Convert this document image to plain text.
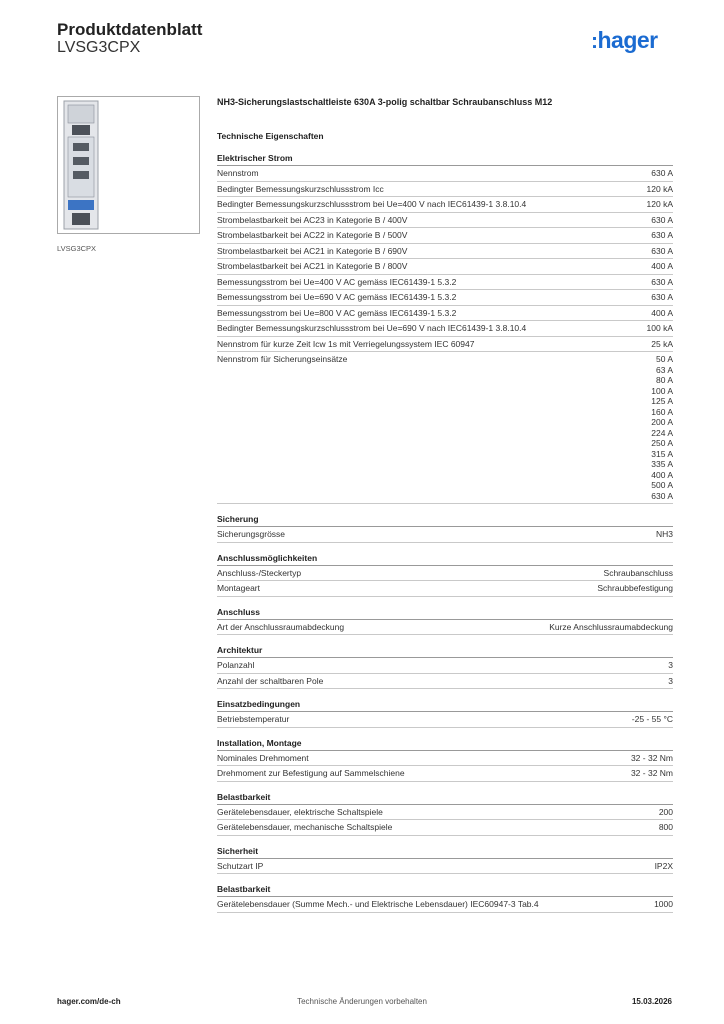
Produktdatenblatt
LVSG3CPX	:hager
LVSG3CPX
NH3-Sicherungslastschaltleiste 630A 3-polig schaltbar Schraubanschluss M12
Technische Eigenschaften
Elektrischer Strom
Nennstrom	630 A
Bedingter Bemessungskurzschlussstrom Icc	120 kA
Bedingter Bemessungskurzschlussstrom bei Ue=400 V nach IEC61439-1 3.8.10.4	120 kA
Strombelastbarkeit bei AC23 in Kategorie B / 400V	630 A
Strombelastbarkeit bei AC22 in Kategorie B / 500V	630 A
Strombelastbarkeit bei AC21 in Kategorie B / 690V	630 A
Strombelastbarkeit bei AC21 in Kategorie B / 800V	400 A
Bemessungsstrom bei Ue=400 V AC gemäss IEC61439-1 5.3.2	630 A
Bemessungsstrom bei Ue=690 V AC gemäss IEC61439-1 5.3.2	630 A
Bemessungsstrom bei Ue=800 V AC gemäss IEC61439-1 5.3.2	400 A
Bedingter Bemessungskurzschlussstrom bei Ue=690 V nach IEC61439-1 3.8.10.4	100 kA
Nennstrom für kurze Zeit Icw 1s mit Verriegelungssystem IEC 60947	25 kA
Nennstrom für Sicherungseinsätze	50 A
63 A
80 A
100 A
125 A
160 A
200 A
224 A
250 A
315 A
335 A
400 A
500 A
630 A
Sicherung
Sicherungsgrösse	NH3
Anschlussmöglichkeiten
Anschluss-/Steckertyp	Schraubanschluss
Montageart	Schraubbefestigung
Anschluss
Art der Anschlussraumabdeckung	Kurze Anschlussraumabdeckung
Architektur
Polanzahl	3
Anzahl der schaltbaren Pole	3
Einsatzbedingungen
Betriebstemperatur	-25 - 55 °C
Installation, Montage
Nominales Drehmoment	32 - 32 Nm
Drehmoment zur Befestigung auf Sammelschiene	32 - 32 Nm
Belastbarkeit
Gerätelebensdauer, elektrische Schaltspiele	200
Gerätelebensdauer, mechanische Schaltspiele	800
Sicherheit
Schutzart IP	IP2X
Belastbarkeit
Gerätelebensdauer (Summe Mech.- und Elektrische Lebensdauer) IEC60947-3 Tab.4	1000
hager.com/de-ch	Technische Änderungen vorbehalten	15.03.2026
